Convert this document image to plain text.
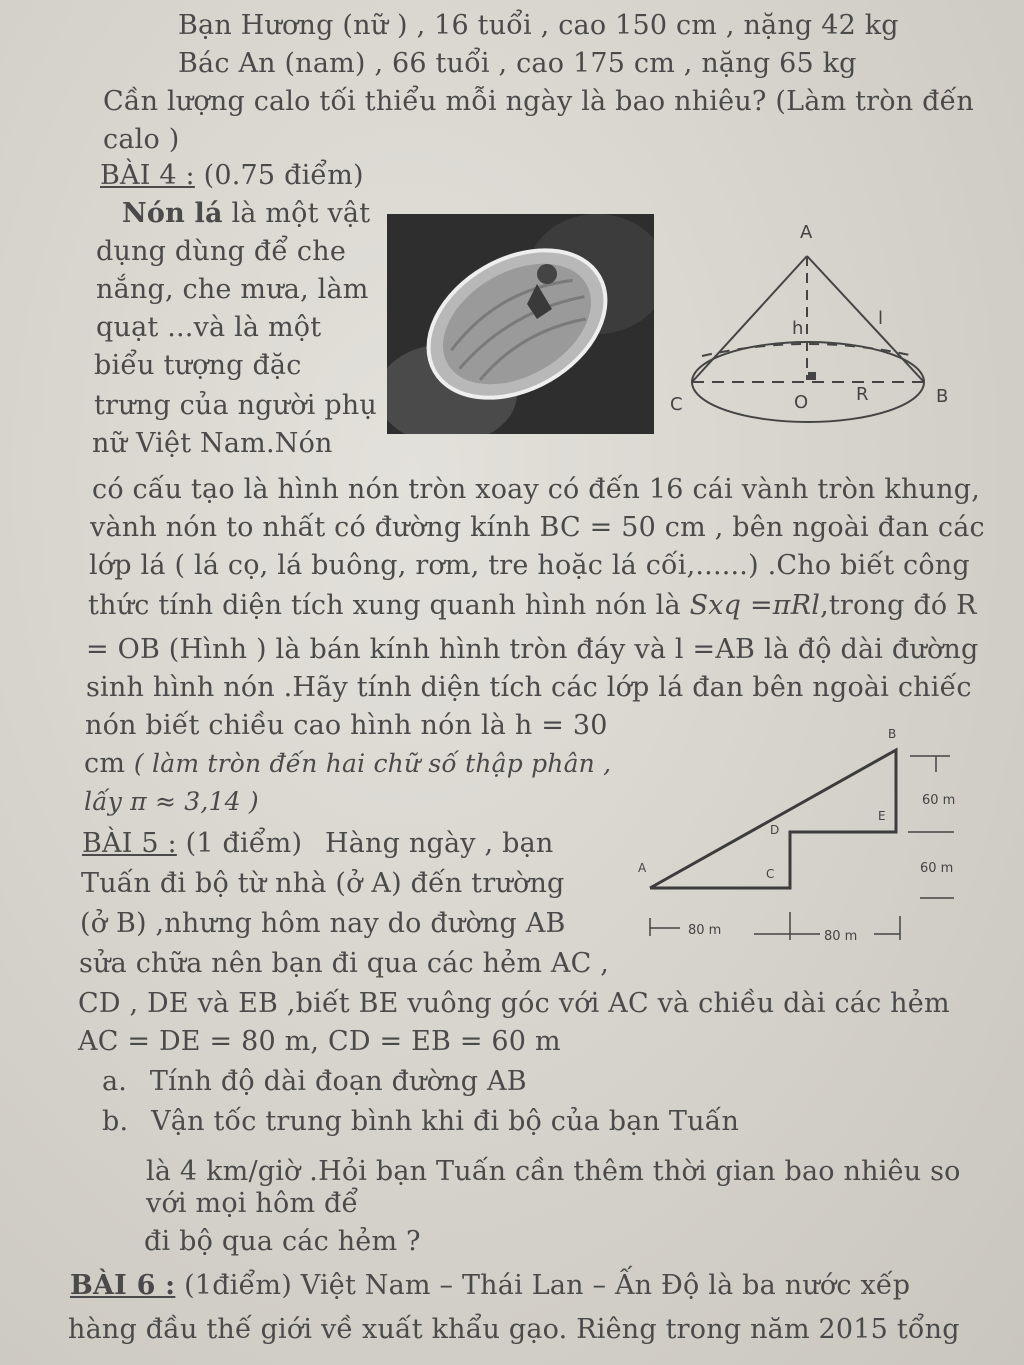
Bạn Hương (nữ ) , 16 tuổi , cao 150 cm , nặng 42 kg
Bác An (nam) , 66 tuổi , cao 175 cm , nặng 65 kg
Cần lượng calo tối thiểu mỗi ngày là bao nhiêu? (Làm tròn đến
calo )
BÀI 4 : (0.75 điểm)
Nón lá là một vật
dụng dùng để che
nắng, che mưa, làm
quạt ...và là một
biểu tượng đặc
trưng của người phụ
nữ Việt Nam.Nón
A
h	l
C	O	R	B
có cấu tạo là hình nón tròn xoay có đến 16 cái vành tròn khung,
vành nón to nhất có đường kính BC = 50 cm , bên ngoài đan các
lớp lá ( lá cọ, lá buông, rơm, tre hoặc lá cối,......) .Cho biết công
thức tính diện tích xung quanh hình nón là Sxq =πRl,trong đó R
= OB (Hình ) là bán kính hình tròn đáy và l =AB là độ dài đường
sinh hình nón .Hãy tính diện tích các lớp lá đan bên ngoài chiếc
nón biết chiều cao hình nón là h = 30
cm ( làm tròn đến hai chữ số thập phân ,
lấy π ≈ 3,14 )
B
A	C
D
E
60 m
60 m
80 m	80 m
BÀI 5 : (1 điểm) Hàng ngày , bạn
Tuấn đi bộ từ nhà (ở A) đến trường
(ở B) ,nhưng hôm nay do đường AB
sửa chữa nên bạn đi qua các hẻm AC ,
CD , DE và EB ,biết BE vuông góc với AC và chiều dài các hẻm
AC = DE = 80 m, CD = EB = 60 m
a. Tính độ dài đoạn đường AB
b. Vận tốc trung bình khi đi bộ của bạn Tuấn
là 4 km/giờ .Hỏi bạn Tuấn cần thêm thời gian bao nhiêu so
với mọi hôm để
đi bộ qua các hẻm ?
BÀI 6 : (1điểm) Việt Nam – Thái Lan – Ấn Độ là ba nước xếp
hàng đầu thế giới về xuất khẩu gạo. Riêng trong năm 2015 tổng
